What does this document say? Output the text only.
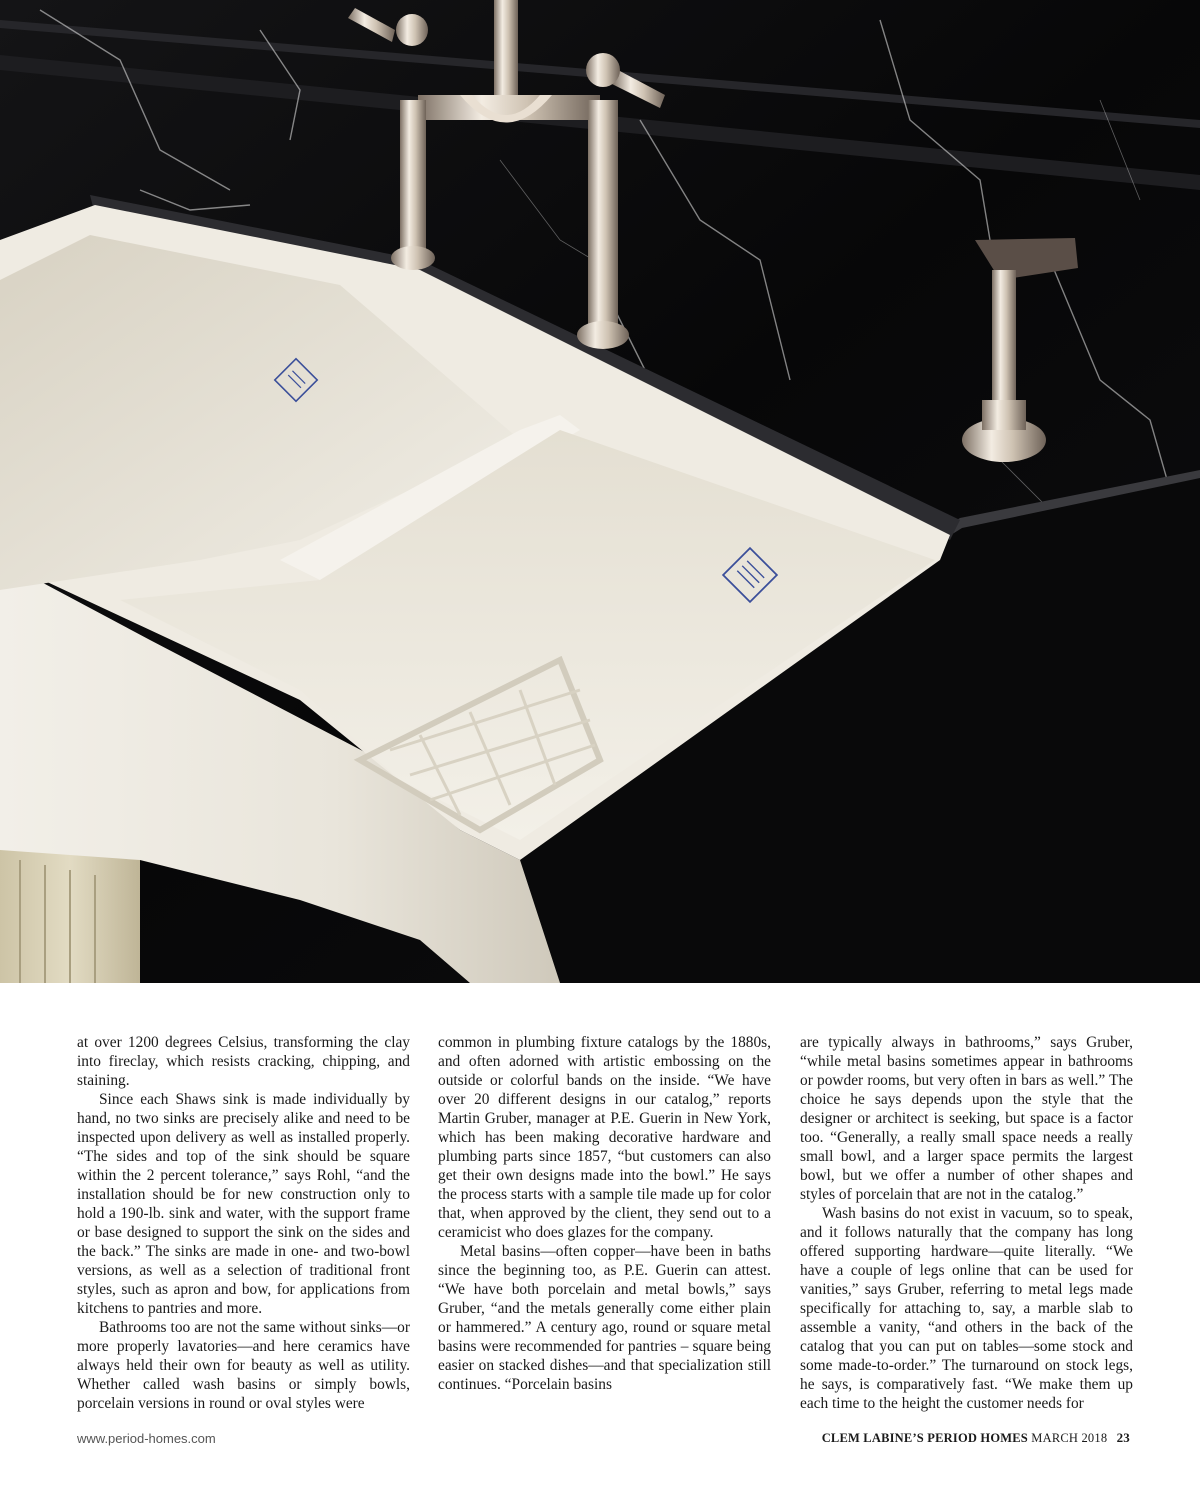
at over 1200 degrees Celsius, transforming the clay into fireclay, which resists cracking, chipping, and staining.

Since each Shaws sink is made individually by hand, no two sinks are precisely alike and need to be inspected upon delivery as well as installed properly. “The sides and top of the sink should be square within the 2 percent tolerance,” says Rohl, “and the installation should be for new construction only to hold a 190-lb. sink and water, with the support frame or base designed to support the sink on the sides and the back.” The sinks are made in one- and two-bowl versions, as well as a selection of traditional front styles, such as apron and bow, for applications from kitchens to pantries and more.

Bathrooms too are not the same without sinks—or more properly lavatories—and here ceramics have always held their own for beauty as well as utility. Whether called wash basins or simply bowls, porcelain versions in round or oval styles were

common in plumbing fixture catalogs by the 1880s, and often adorned with artistic embossing on the outside or colorful bands on the inside. “We have over 20 different designs in our catalog,” reports Martin Gruber, manager at P.E. Guerin in New York, which has been making decorative hardware and plumbing parts since 1857, “but customers can also get their own designs made into the bowl.” He says the process starts with a sample tile made up for color that, when approved by the client, they send out to a ceramicist who does glazes for the company.

Metal basins—often copper—have been in baths since the beginning too, as P.E. Guerin can attest. “We have both porcelain and metal bowls,” says Gruber, “and the metals generally come either plain or hammered.” A century ago, round or square metal basins were recommended for pantries – square being easier on stacked dishes—and that specialization still continues. “Porcelain basins

are typically always in bathrooms,” says Gruber, “while metal basins sometimes appear in bathrooms or powder rooms, but very often in bars as well.” The choice he says depends upon the style that the designer or architect is seeking, but space is a factor too. “Generally, a really small space needs a really small bowl, and a larger space permits the largest bowl, but we offer a number of other shapes and styles of porcelain that are not in the catalog.”

Wash basins do not exist in vacuum, so to speak, and it follows naturally that the company has long offered supporting hardware—quite literally. “We have a couple of legs online that can be used for vanities,” says Gruber, referring to metal legs made specifically for attaching to, say, a marble slab to assemble a vanity, “and others in the back of the catalog that you can put on tables—some stock and some made-to-order.” The turnaround on stock legs, he says, is comparatively fast. “We make them up each time to the height the customer needs for

www.period-homes.com	CLEM LABINE’S PERIOD HOMES MARCH 2018 23
